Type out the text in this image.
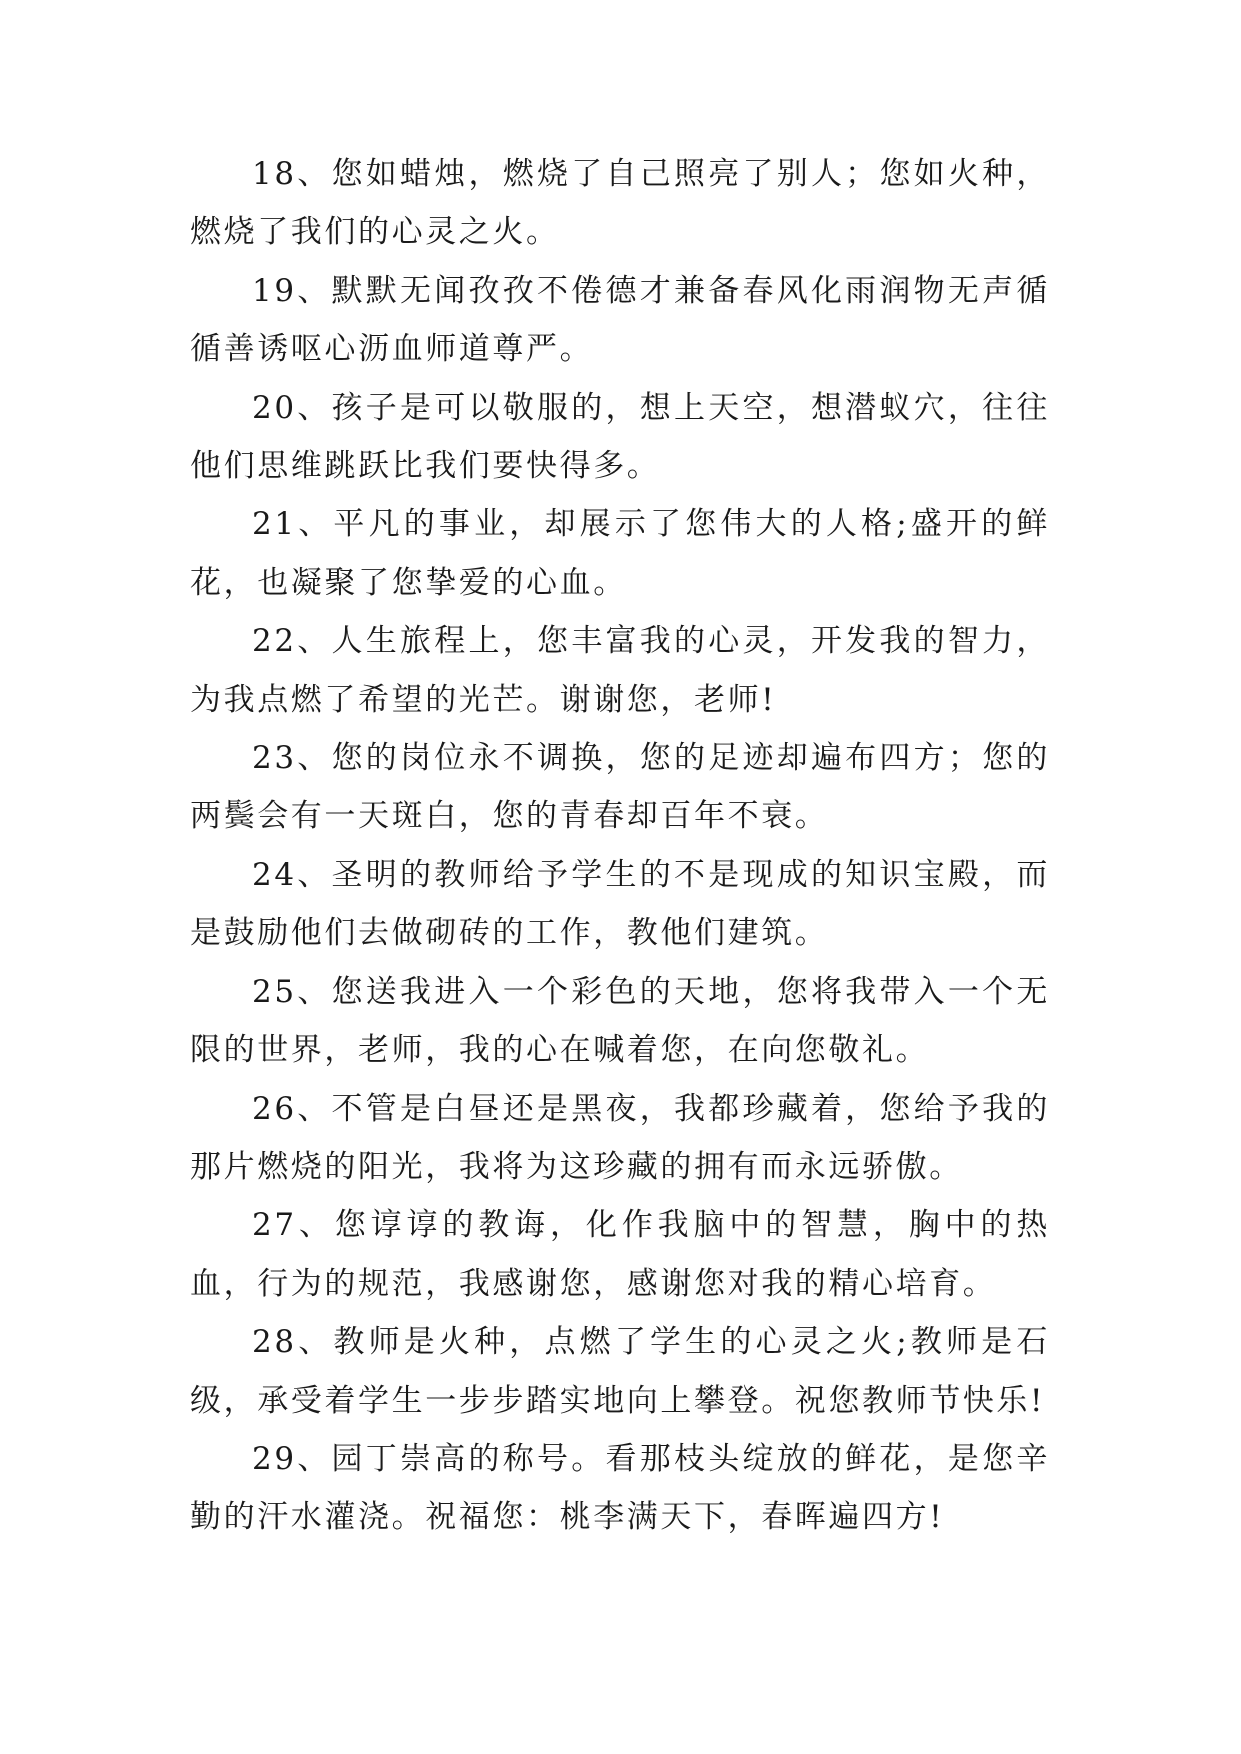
18、您如蜡烛，燃烧了自己照亮了别人；您如火种，燃烧了我们的心灵之火。

19、默默无闻孜孜不倦德才兼备春风化雨润物无声循循善诱呕心沥血师道尊严。

20、孩子是可以敬服的，想上天空，想潜蚁穴，往往他们思维跳跃比我们要快得多。

21、平凡的事业，却展示了您伟大的人格;盛开的鲜花，也凝聚了您挚爱的心血。

22、人生旅程上，您丰富我的心灵，开发我的智力，为我点燃了希望的光芒。谢谢您，老师!

23、您的岗位永不调换，您的足迹却遍布四方；您的两鬓会有一天斑白，您的青春却百年不衰。

24、圣明的教师给予学生的不是现成的知识宝殿，而是鼓励他们去做砌砖的工作，教他们建筑。

25、您送我进入一个彩色的天地，您将我带入一个无限的世界，老师，我的心在喊着您，在向您敬礼。

26、不管是白昼还是黑夜，我都珍藏着，您给予我的那片燃烧的阳光，我将为这珍藏的拥有而永远骄傲。

27、您谆谆的教诲，化作我脑中的智慧，胸中的热血，行为的规范，我感谢您，感谢您对我的精心培育。

28、教师是火种，点燃了学生的心灵之火;教师是石级，承受着学生一步步踏实地向上攀登。祝您教师节快乐!

29、园丁崇高的称号。看那枝头绽放的鲜花，是您辛勤的汗水灌浇。祝福您：桃李满天下，春晖遍四方!
